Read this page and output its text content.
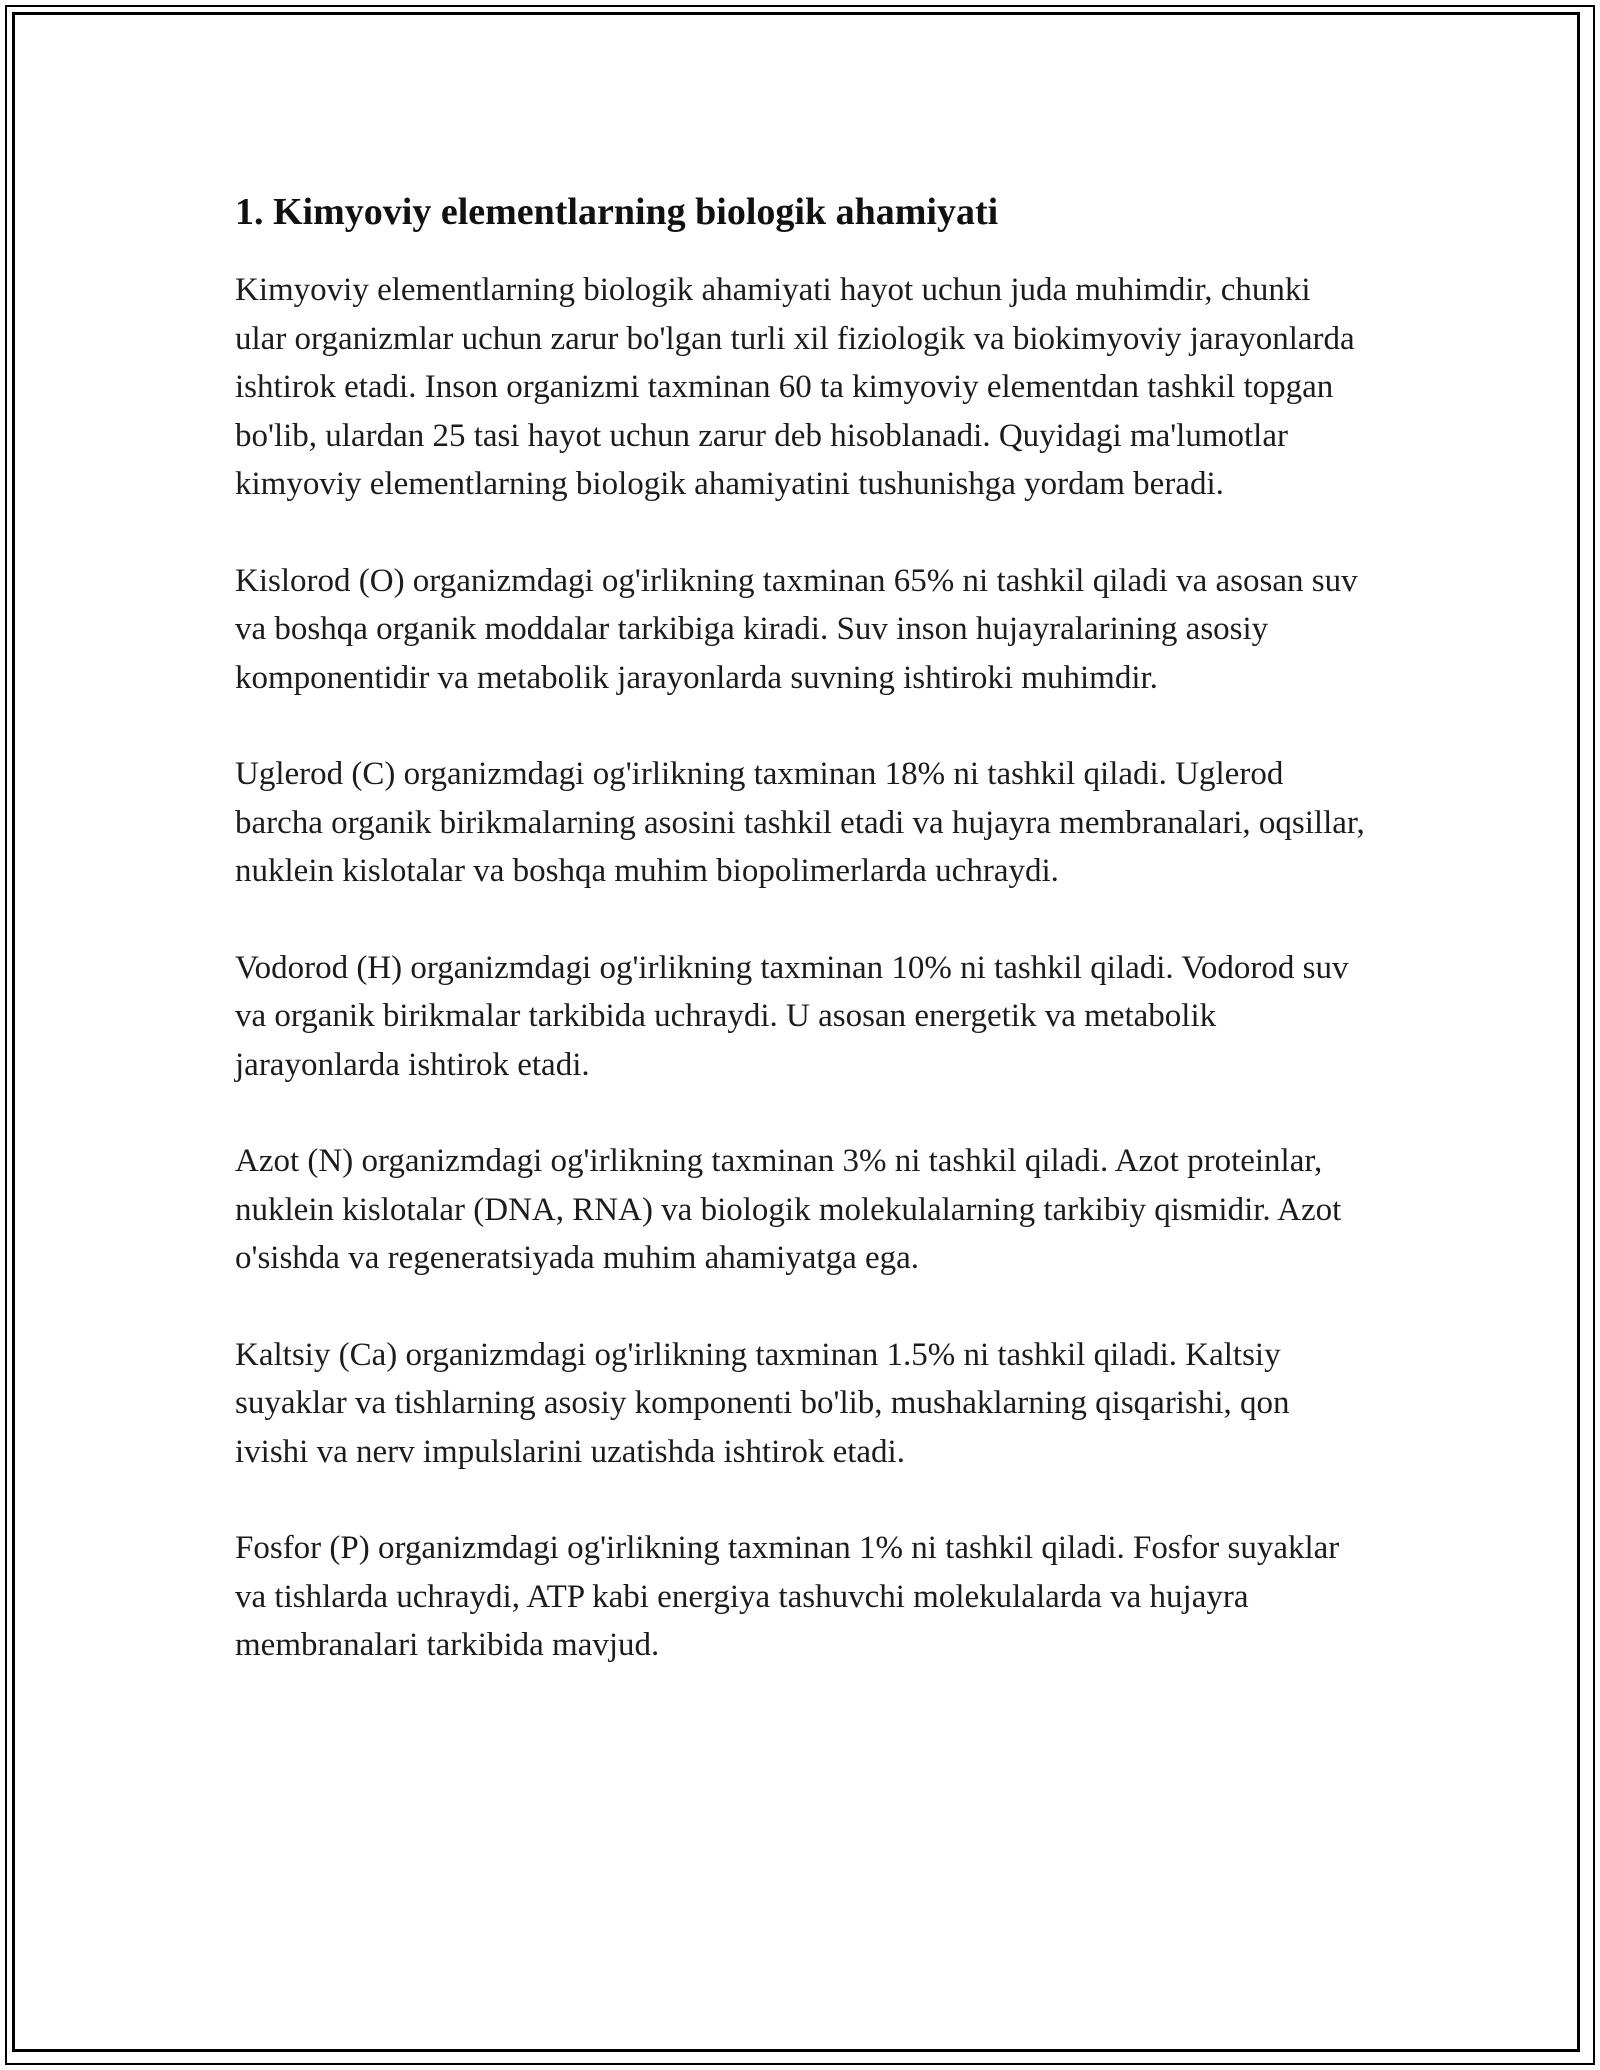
1. Kimyoviy elementlarning biologik ahamiyati

Kimyoviy elementlarning biologik ahamiyati hayot uchun juda muhimdir, chunki ular organizmlar uchun zarur bo'lgan turli xil fiziologik va biokimyoviy jarayonlarda ishtirok etadi. Inson organizmi taxminan 60 ta kimyoviy elementdan tashkil topgan bo'lib, ulardan 25 tasi hayot uchun zarur deb hisoblanadi. Quyidagi ma'lumotlar kimyoviy elementlarning biologik ahamiyatini tushunishga yordam beradi.

Kislorod (O) organizmdagi og'irlikning taxminan 65% ni tashkil qiladi va asosan suv va boshqa organik moddalar tarkibiga kiradi. Suv inson hujayralarining asosiy komponentidir va metabolik jarayonlarda suvning ishtiroki muhimdir.

Uglerod (C) organizmdagi og'irlikning taxminan 18% ni tashkil qiladi. Uglerod barcha organik birikmalarning asosini tashkil etadi va hujayra membranalari, oqsillar, nuklein kislotalar va boshqa muhim biopolimerlarda uchraydi.

Vodorod (H) organizmdagi og'irlikning taxminan 10% ni tashkil qiladi. Vodorod suv va organik birikmalar tarkibida uchraydi. U asosan energetik va metabolik jarayonlarda ishtirok etadi.

Azot (N) organizmdagi og'irlikning taxminan 3% ni tashkil qiladi. Azot proteinlar, nuklein kislotalar (DNA, RNA) va biologik molekulalarning tarkibiy qismidir. Azot o'sishda va regeneratsiyada muhim ahamiyatga ega.

Kaltsiy (Ca) organizmdagi og'irlikning taxminan 1.5% ni tashkil qiladi. Kaltsiy suyaklar va tishlarning asosiy komponenti bo'lib, mushaklarning qisqarishi, qon ivishi va nerv impulslarini uzatishda ishtirok etadi.

Fosfor (P) organizmdagi og'irlikning taxminan 1% ni tashkil qiladi. Fosfor suyaklar va tishlarda uchraydi, ATP kabi energiya tashuvchi molekulalarda va hujayra membranalari tarkibida mavjud.
